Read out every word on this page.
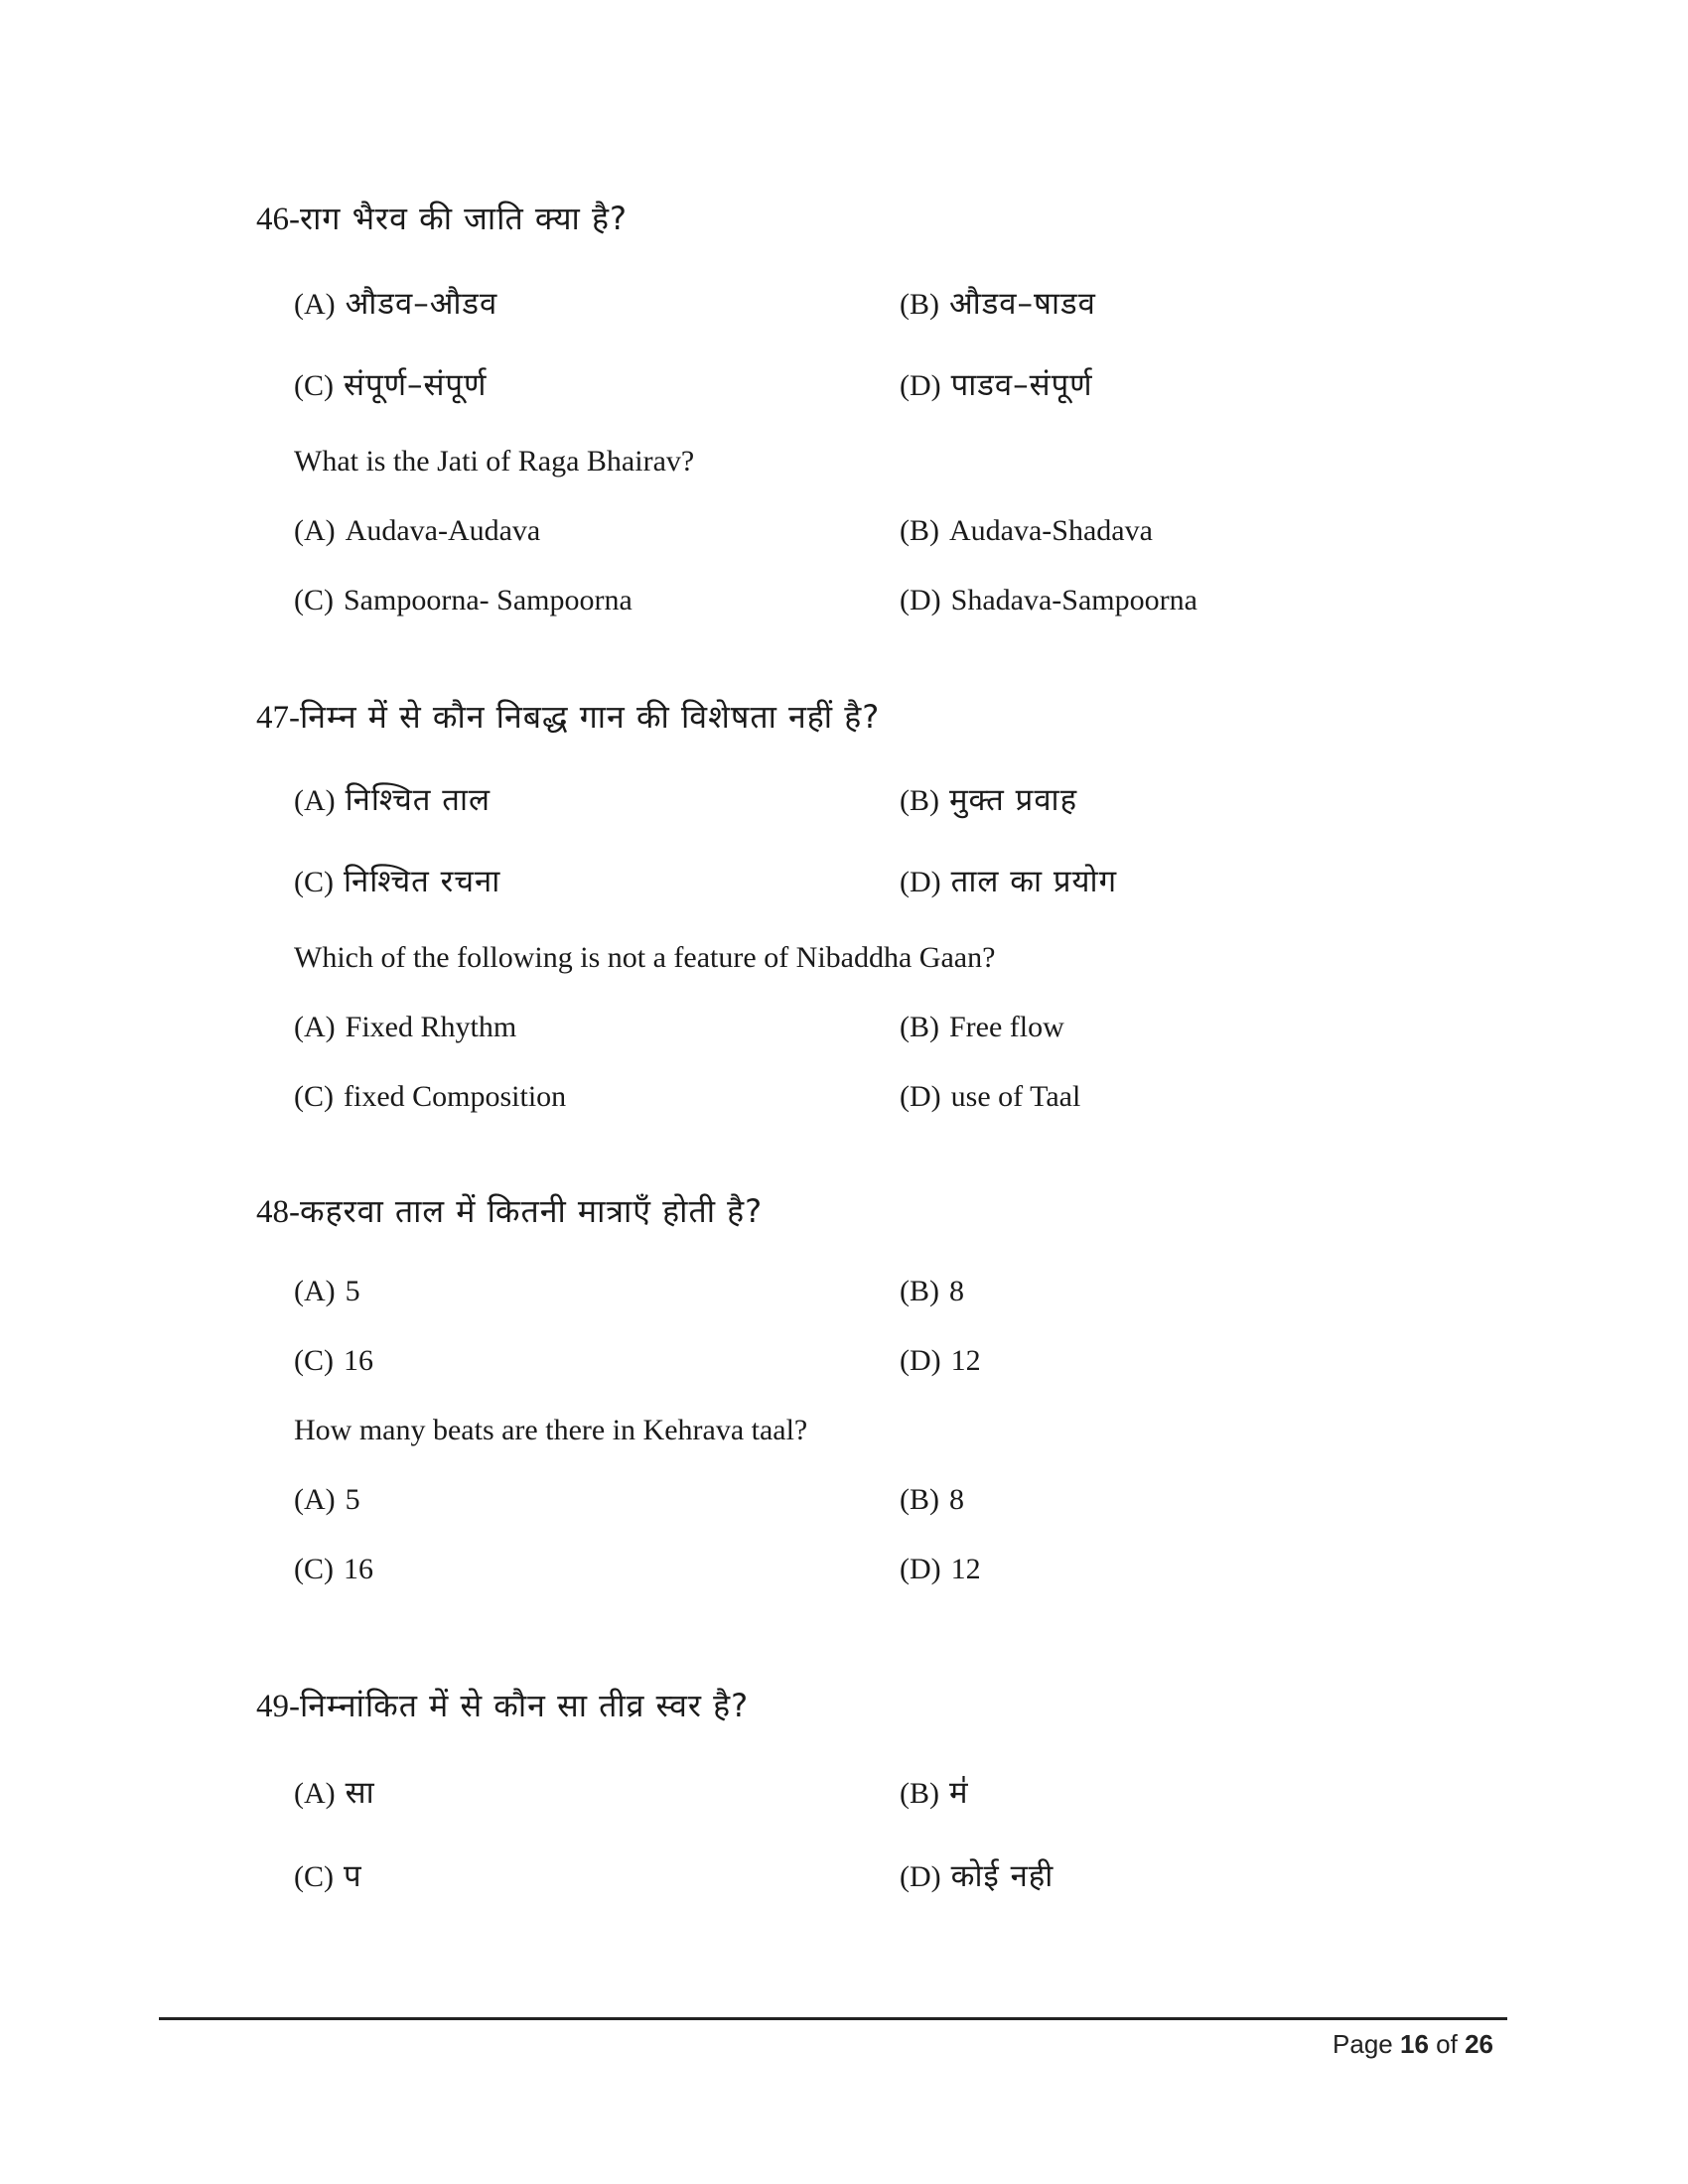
46-राग भैरव की जाति क्या है?
(A) औडव–औडव	(B) औडव–षाडव
(C) संपूर्ण–संपूर्ण	(D) पाडव–संपूर्ण
What is the Jati of Raga Bhairav?
(A) Audava-Audava	(B) Audava-Shadava
(C) Sampoorna- Sampoorna	(D) Shadava-Sampoorna
47-निम्न में से कौन निबद्ध गान की विशेषता नहीं है?
(A) निश्चित ताल	(B) मुक्त प्रवाह
(C) निश्चित रचना	(D) ताल का प्रयोग
Which of the following is not a feature of Nibaddha Gaan?
(A) Fixed Rhythm	(B) Free flow
(C) fixed Composition	(D) use of Taal
48-कहरवा ताल में कितनी मात्राएँ होती है?
(A) 5	(B) 8
(C) 16	(D) 12
How many beats are there in Kehrava taal?
(A) 5	(B) 8
(C) 16	(D) 12
49-निम्नांकित में से कौन सा तीव्र स्वर है?
(A) सा	(B) म॑
(C) प	(D) कोई नही
Page 16 of 26
